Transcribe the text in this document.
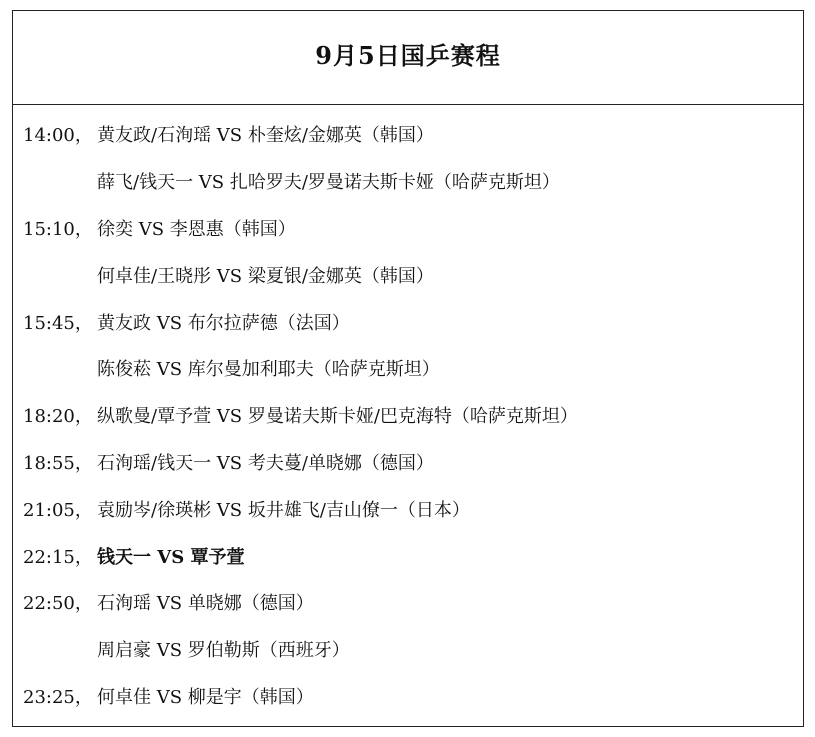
9月5日国乒赛程
14:00， 黄友政/石洵瑶 VS 朴奎炫/金娜英（韩国）
薛飞/钱天一 VS 扎哈罗夫/罗曼诺夫斯卡娅（哈萨克斯坦）
15:10， 徐奕 VS 李恩惠（韩国）
何卓佳/王晓彤 VS 梁夏银/金娜英（韩国）
15:45， 黄友政 VS 布尔拉萨德（法国）
陈俊菘 VS 库尔曼加利耶夫（哈萨克斯坦）
18:20， 纵歌曼/覃予萱 VS 罗曼诺夫斯卡娅/巴克海特（哈萨克斯坦）
18:55， 石洵瑶/钱天一 VS 考夫蔓/单晓娜（德国）
21:05， 袁励岑/徐瑛彬 VS 坂井雄飞/吉山僚一（日本）
22:15， 钱天一 VS 覃予萱
22:50， 石洵瑶 VS 单晓娜（德国）
周启豪 VS 罗伯勒斯（西班牙）
23:25， 何卓佳 VS 柳是宇（韩国）
